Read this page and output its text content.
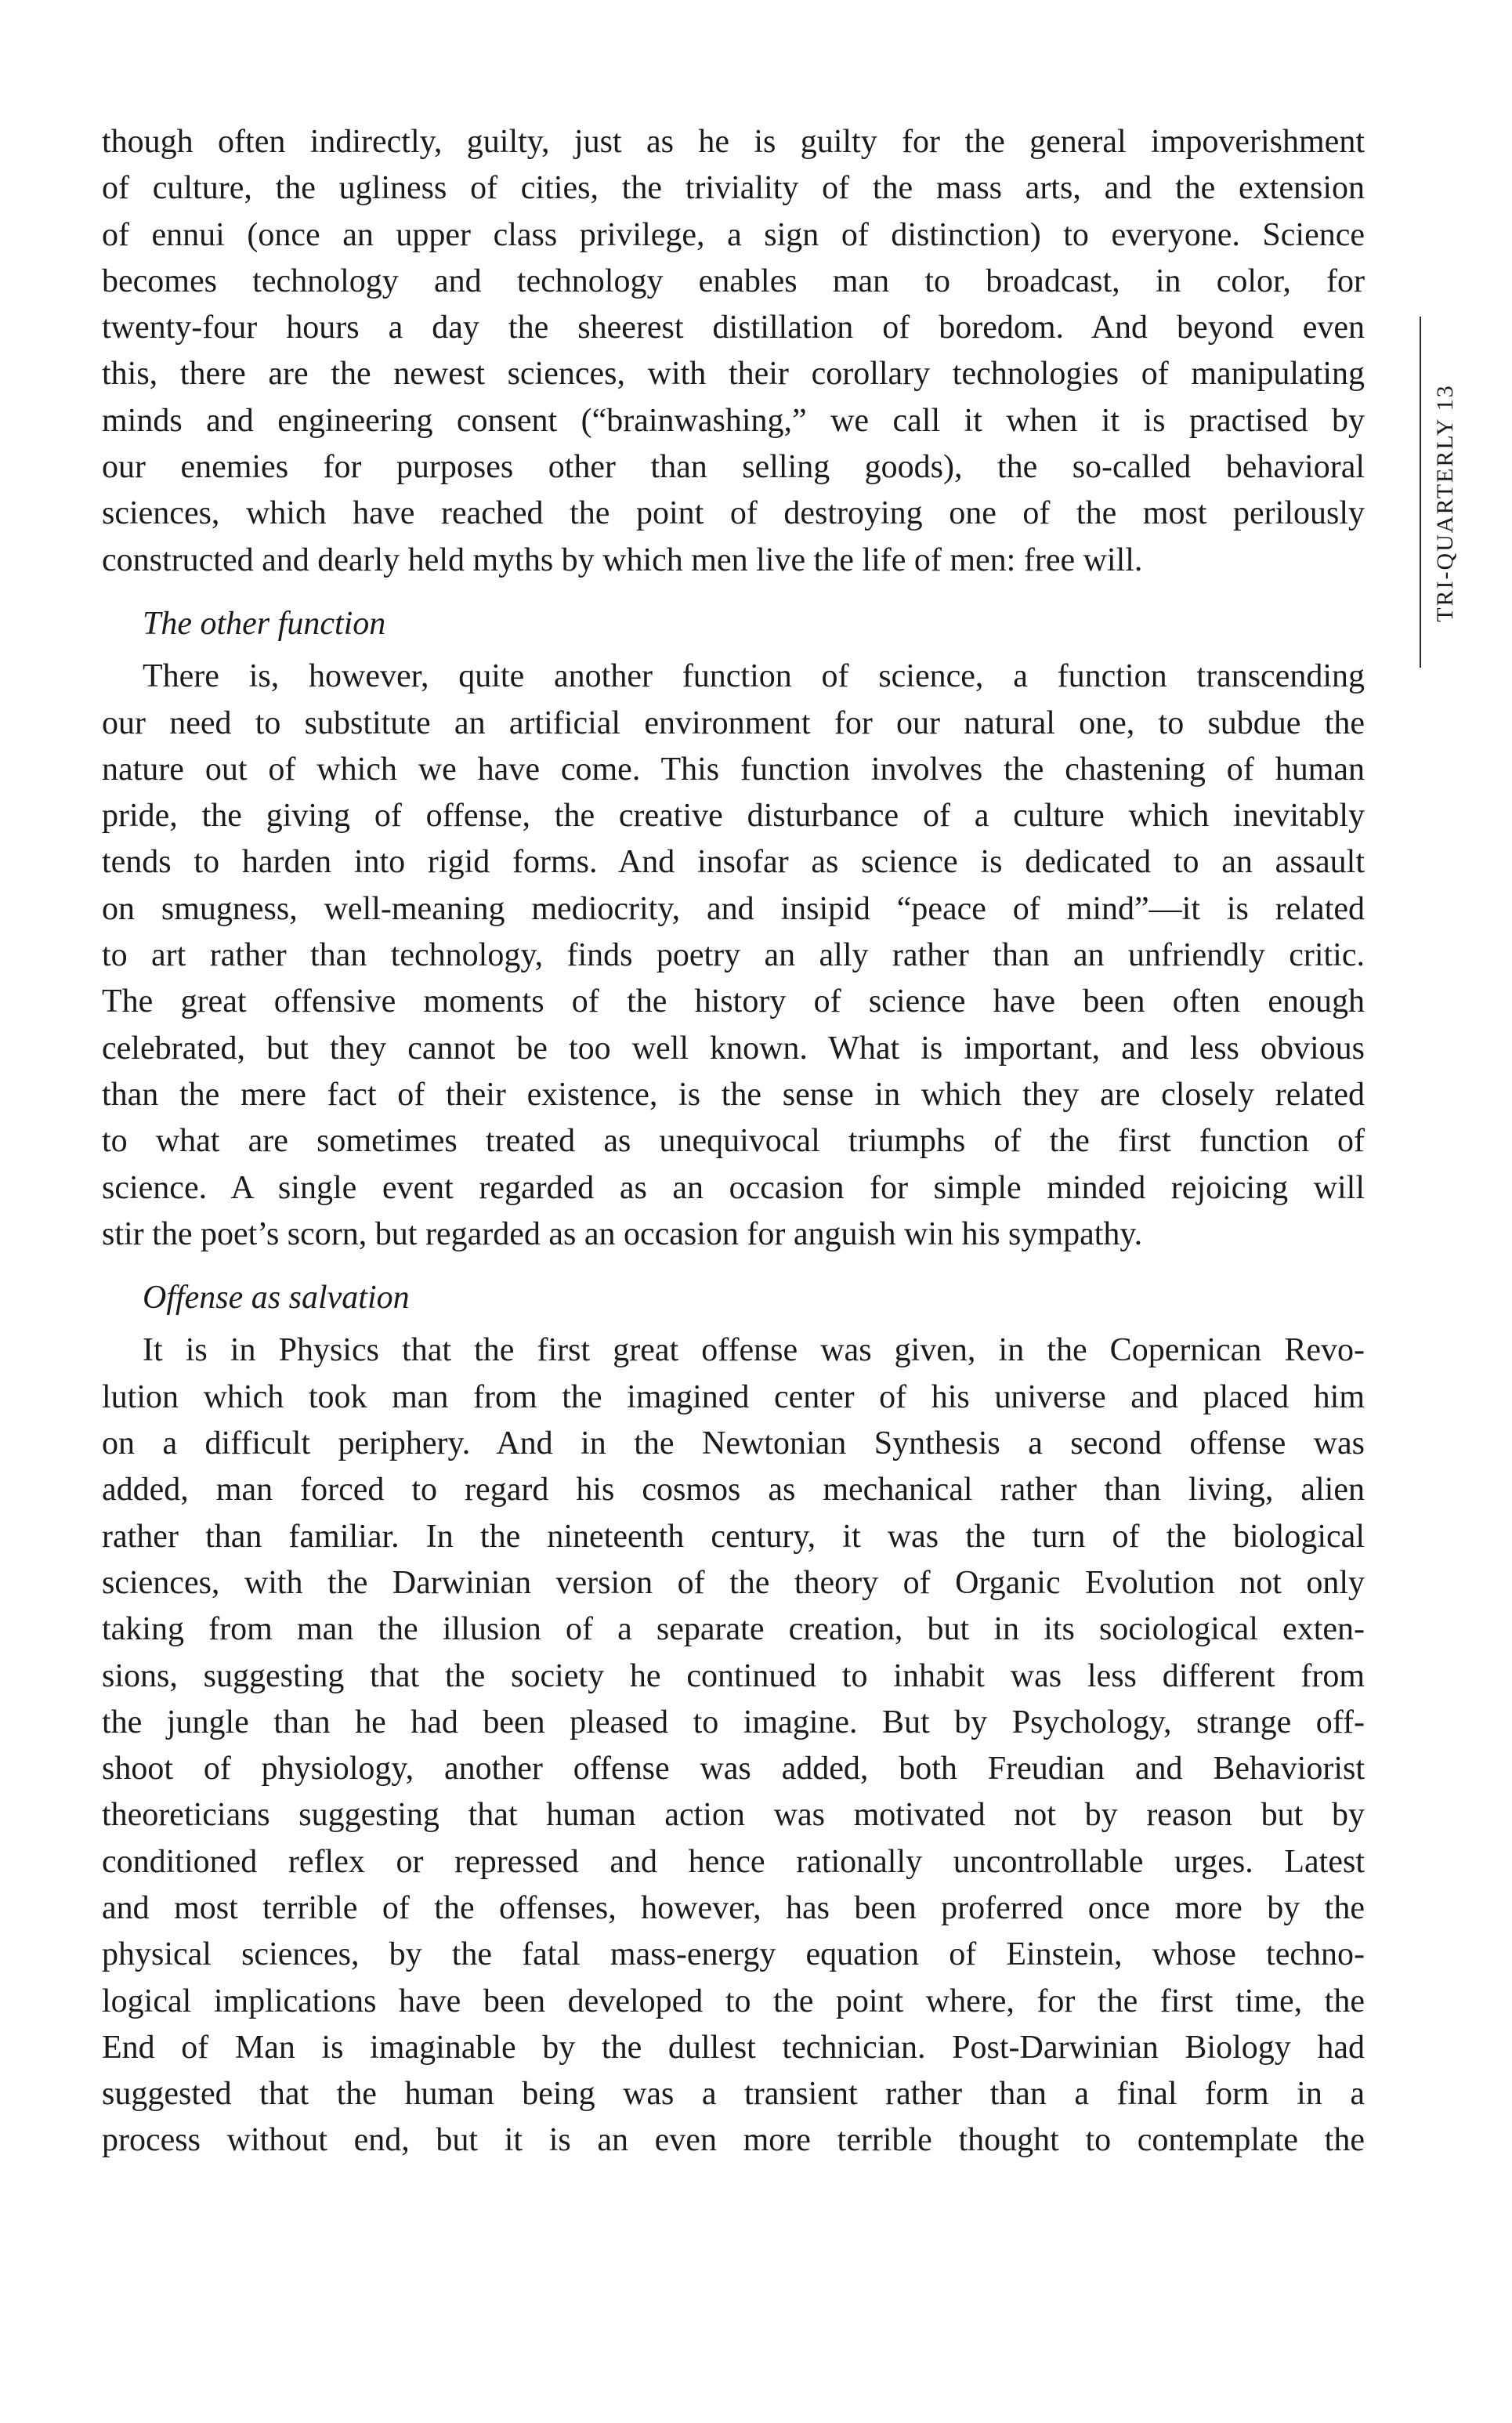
though often indirectly, guilty, just as he is guilty for the general impoverishment
of culture, the ugliness of cities, the triviality of the mass arts, and the extension
of ennui (once an upper class privilege, a sign of distinction) to everyone. Science
becomes technology and technology enables man to broadcast, in color, for
twenty-four hours a day the sheerest distillation of boredom. And beyond even
this, there are the newest sciences, with their corollary technologies of manipulating
minds and engineering consent (“brainwashing,” we call it when it is practised by
our enemies for purposes other than selling goods), the so-called behavioral
sciences, which have reached the point of destroying one of the most perilously
constructed and dearly held myths by which men live the life of men: free will.
The other function
There is, however, quite another function of science, a function transcending
our need to substitute an artificial environment for our natural one, to subdue the
nature out of which we have come. This function involves the chastening of human
pride, the giving of offense, the creative disturbance of a culture which inevitably
tends to harden into rigid forms. And insofar as science is dedicated to an assault
on smugness, well-meaning mediocrity, and insipid “peace of mind”—it is related
to art rather than technology, finds poetry an ally rather than an unfriendly critic.
The great offensive moments of the history of science have been often enough
celebrated, but they cannot be too well known. What is important, and less obvious
than the mere fact of their existence, is the sense in which they are closely related
to what are sometimes treated as unequivocal triumphs of the first function of
science. A single event regarded as an occasion for simple minded rejoicing will
stir the poet’s scorn, but regarded as an occasion for anguish win his sympathy.
Offense as salvation
It is in Physics that the first great offense was given, in the Copernican Revo-
lution which took man from the imagined center of his universe and placed him
on a difficult periphery. And in the Newtonian Synthesis a second offense was
added, man forced to regard his cosmos as mechanical rather than living, alien
rather than familiar. In the nineteenth century, it was the turn of the biological
sciences, with the Darwinian version of the theory of Organic Evolution not only
taking from man the illusion of a separate creation, but in its sociological exten-
sions, suggesting that the society he continued to inhabit was less different from
the jungle than he had been pleased to imagine. But by Psychology, strange off-
shoot of physiology, another offense was added, both Freudian and Behaviorist
theoreticians suggesting that human action was motivated not by reason but by
conditioned reflex or repressed and hence rationally uncontrollable urges. Latest
and most terrible of the offenses, however, has been proferred once more by the
physical sciences, by the fatal mass-energy equation of Einstein, whose techno-
logical implications have been developed to the point where, for the first time, the
End of Man is imaginable by the dullest technician. Post-Darwinian Biology had
suggested that the human being was a transient rather than a final form in a
process without end, but it is an even more terrible thought to contemplate the
TRI-QUARTERLY 13
